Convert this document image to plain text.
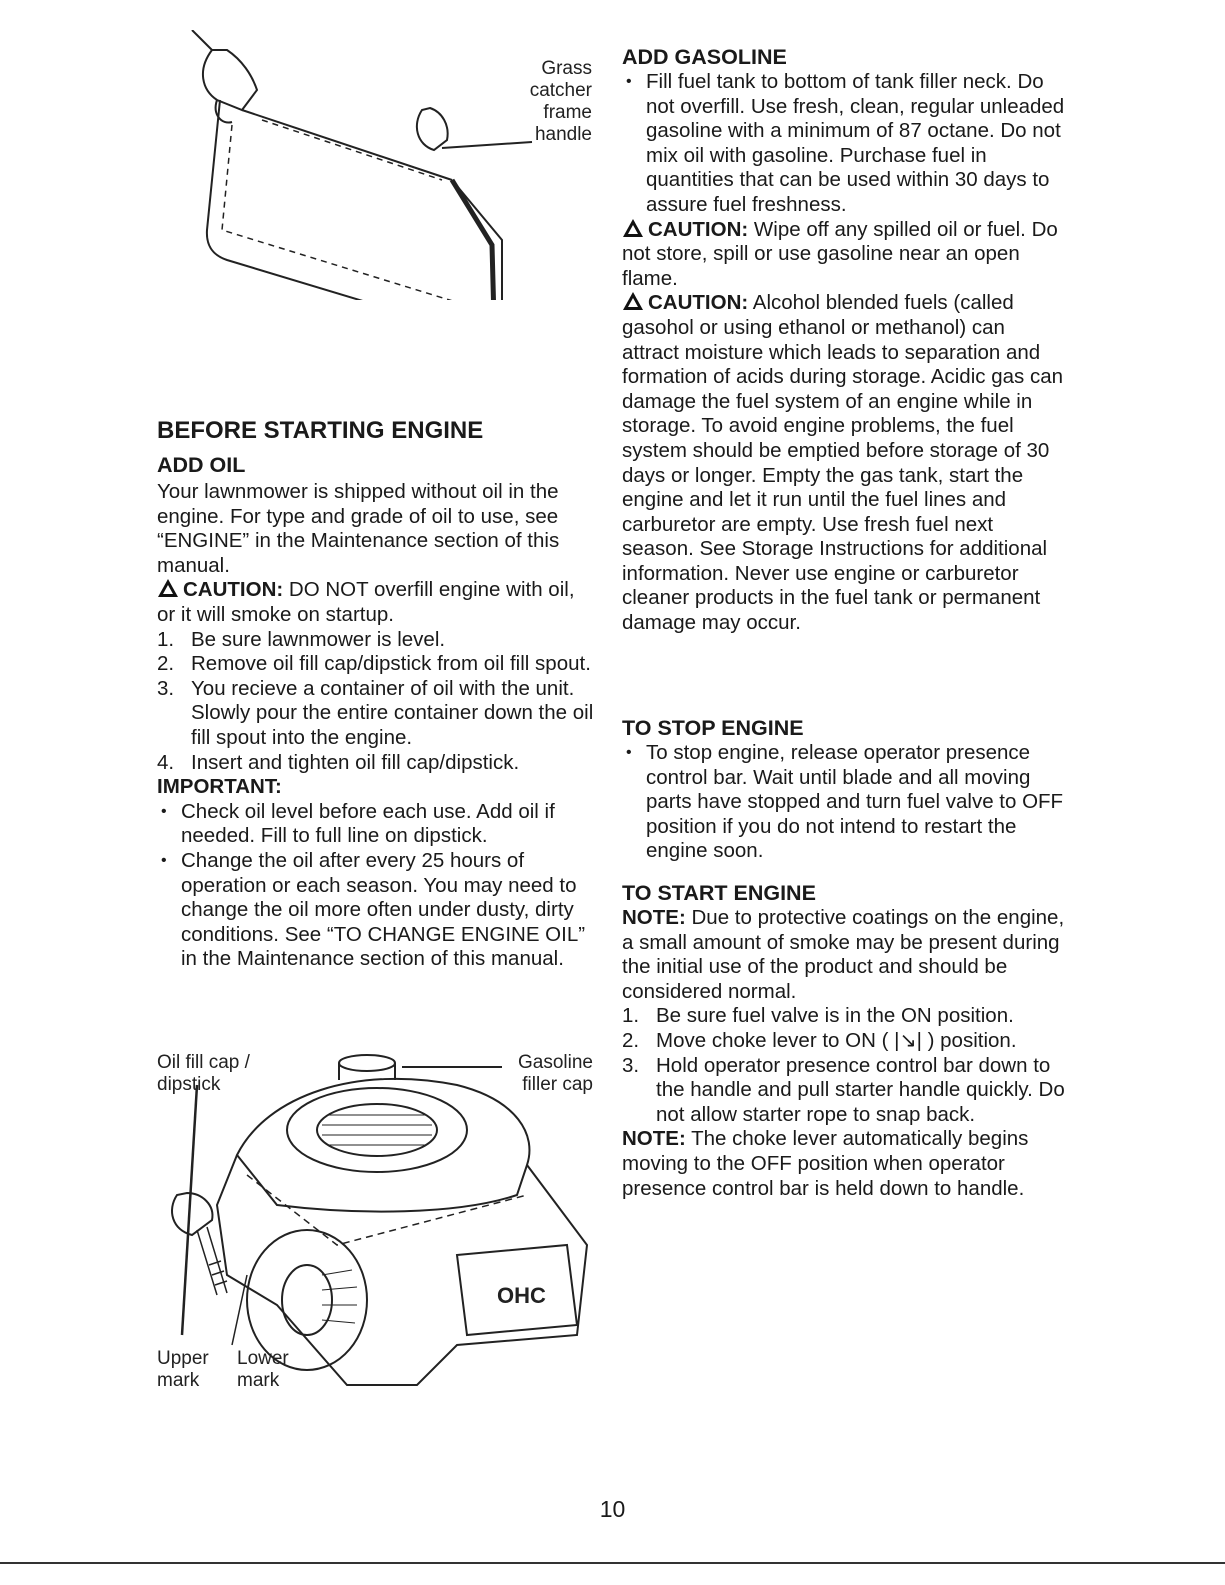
Grass catcher frame handle
BEFORE STARTING ENGINE
ADD OIL

Your lawnmower is shipped without oil in the engine. For type and grade of oil to use, see “ENGINE” in the Maintenance section of this manual.

CAUTION: DO NOT overfill engine with oil, or it will smoke on startup.

1. Be sure lawnmower is level.
2. Remove oil fill cap/dipstick from oil fill spout.
3. You recieve a container of oil with the unit. Slowly pour the entire container down the oil fill spout into the engine.
4. Insert and tighten oil fill cap/dipstick.

IMPORTANT:

• Check oil level before each use. Add oil if needed. Fill to full line on dipstick.
• Change the oil after every 25 hours of operation or each season. You may need to change the oil more often under dusty, dirty conditions. See “TO CHANGE ENGINE OIL” in the Maintenance section of this manual.
Oil fill cap / dipstick
Gasoline filler cap
Upper mark
Lower mark
OHC
ADD GASOLINE
• Fill fuel tank to bottom of tank filler neck. Do not overfill. Use fresh, clean, regular unleaded gasoline with a minimum of 87 octane. Do not mix oil with gasoline. Purchase fuel in quantities that can be used within 30 days to assure fuel freshness.

CAUTION: Wipe off any spilled oil or fuel. Do not store, spill or use gasoline near an open flame.

CAUTION: Alcohol blended fuels (called gasohol or using ethanol or methanol) can attract moisture which leads to separation and formation of acids during storage. Acidic gas can damage the fuel system of an engine while in storage. To avoid engine problems, the fuel system should be emptied before storage of 30 days or longer. Empty the gas tank, start the engine and let it run until the fuel lines and carburetor are empty. Use fresh fuel next season. See Storage Instructions for additional information. Never use engine or carburetor cleaner products in the fuel tank or permanent damage may occur.

TO STOP ENGINE
• To stop engine, release operator presence control bar. Wait until blade and all moving parts have stopped and turn fuel valve to OFF position if you do not intend to restart the engine soon.
TO START ENGINE

NOTE: Due to protective coatings on the engine, a small amount of smoke may be present during the initial use of the product and should be considered normal.

1. Be sure fuel valve is in the ON position.
2. Move choke lever to ON ( |↘| ) position.
3. Hold operator presence control bar down to the handle and pull starter handle quickly. Do not allow starter rope to snap back.

NOTE: The choke lever automatically begins moving to the OFF position when operator presence control bar is held down to handle.

10
